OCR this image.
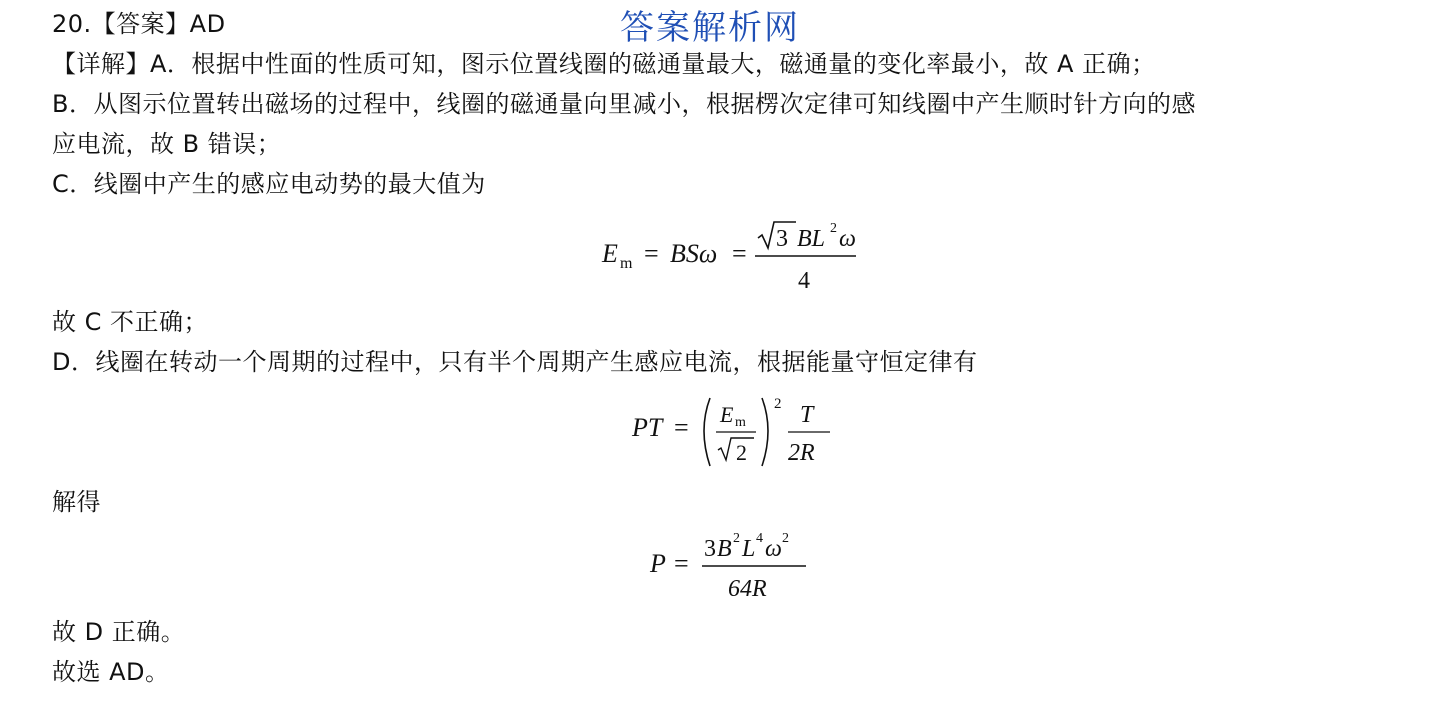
答案解析网
20.【答案】AD
【详解】A．根据中性面的性质可知，图示位置线圈的磁通量最大，磁通量的变化率最小，故 A 正确；
B．从图示位置转出磁场的过程中，线圈的磁通量向里减小，根据楞次定律可知线圈中产生顺时针方向的感
应电流，故 B 错误；
C．线圈中产生的感应电动势的最大值为
E m = BSω = 3 BL 2 ω
4
故 C 不正确；
D．线圈在转动一个周期的过程中，只有半个周期产生感应电流，根据能量守恒定律有
PT = E m
2
2 T
2R
解得
P = 3 B 2 L 4 ω 2
64R
故 D 正确。
故选 AD。
